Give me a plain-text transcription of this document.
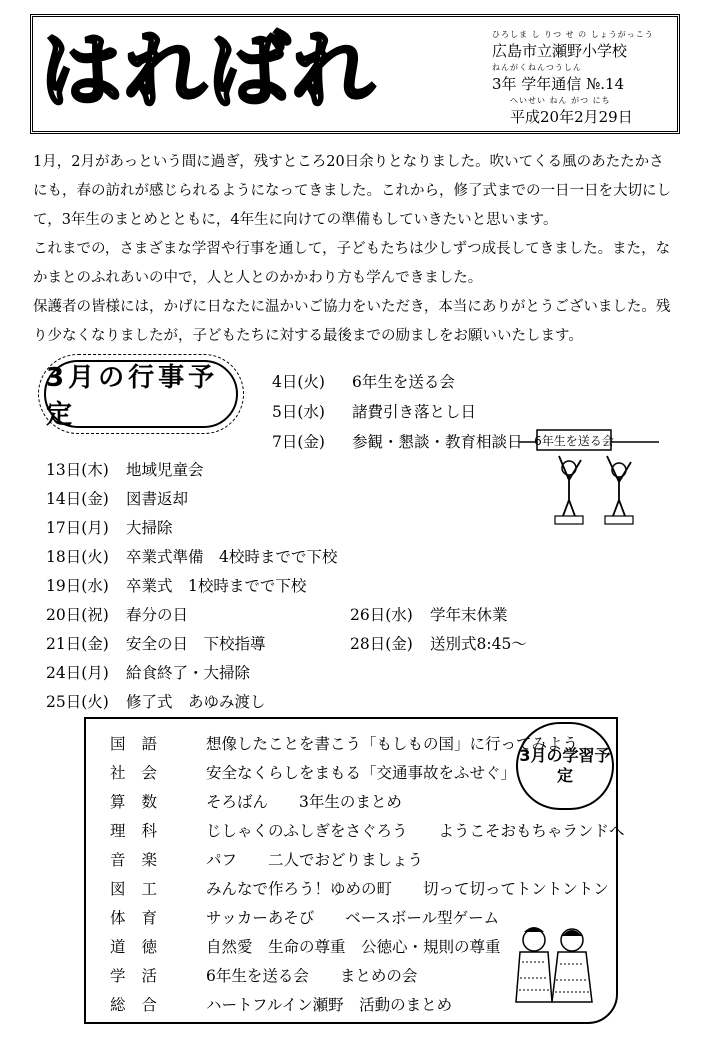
はればれ	ひろしま し りつ せ の しょうがっこう
広島市立瀬野小学校
ねんがくねんつうしん
3年 学年通信 №.14
へいせい ねん がつ にち
平成20年2月29日

1月，2月があっという間に過ぎ，残すところ20日余りとなりました。吹いてくる風のあたたかさにも，春の訪れが感じられるようになってきました。これから，修了式までの一日一日を大切にして，3年生のまとめとともに，4年生に向けての準備もしていきたいと思います。

これまでの，さまざまな学習や行事を通して，子どもたちは少しずつ成長してきました。また，なかまとのふれあいの中で，人と人とのかかわり方も学んできました。

保護者の皆様には，かげに日なたに温かいご協力をいただき，本当にありがとうございました。残り少なくなりましたが，子どもたちに対する最後までの励ましをお願いいたします。

3月の行事予定
4日(火) 6年生を送る会
5日(水) 諸費引き落とし日
7日(金) 参観・懇談・教育相談日
13日(木) 地域児童会
14日(金) 図書返却
17日(月) 大掃除
18日(火) 卒業式準備　4校時までで下校
19日(水) 卒業式　1校時までで下校
20日(祝) 春分の日
21日(金) 安全の日　下校指導
24日(月) 給食終了・大掃除
25日(火) 修了式　あゆみ渡し
26日(水) 学年末休業
28日(金) 送別式8:45～
6年生を送る会
3月の学習予定
国語 想像したことを書こう「もしもの国」に行ってみよう
社会 安全なくらしをまもる「交通事故をふせぐ」
算数 そろばん　　3年生のまとめ
理科 じしゃくのふしぎをさぐろう　　ようこそおもちゃランドへ
音楽 パフ　　二人でおどりましょう
図工 みんなで作ろう！ゆめの町　　切って切ってトントントン
体育 サッカーあそび　　ベースボール型ゲーム
道徳 自然愛　生命の尊重　公徳心・規則の尊重
学活 6年生を送る会　　まとめの会
総合 ハートフルイン瀬野　活動のまとめ
